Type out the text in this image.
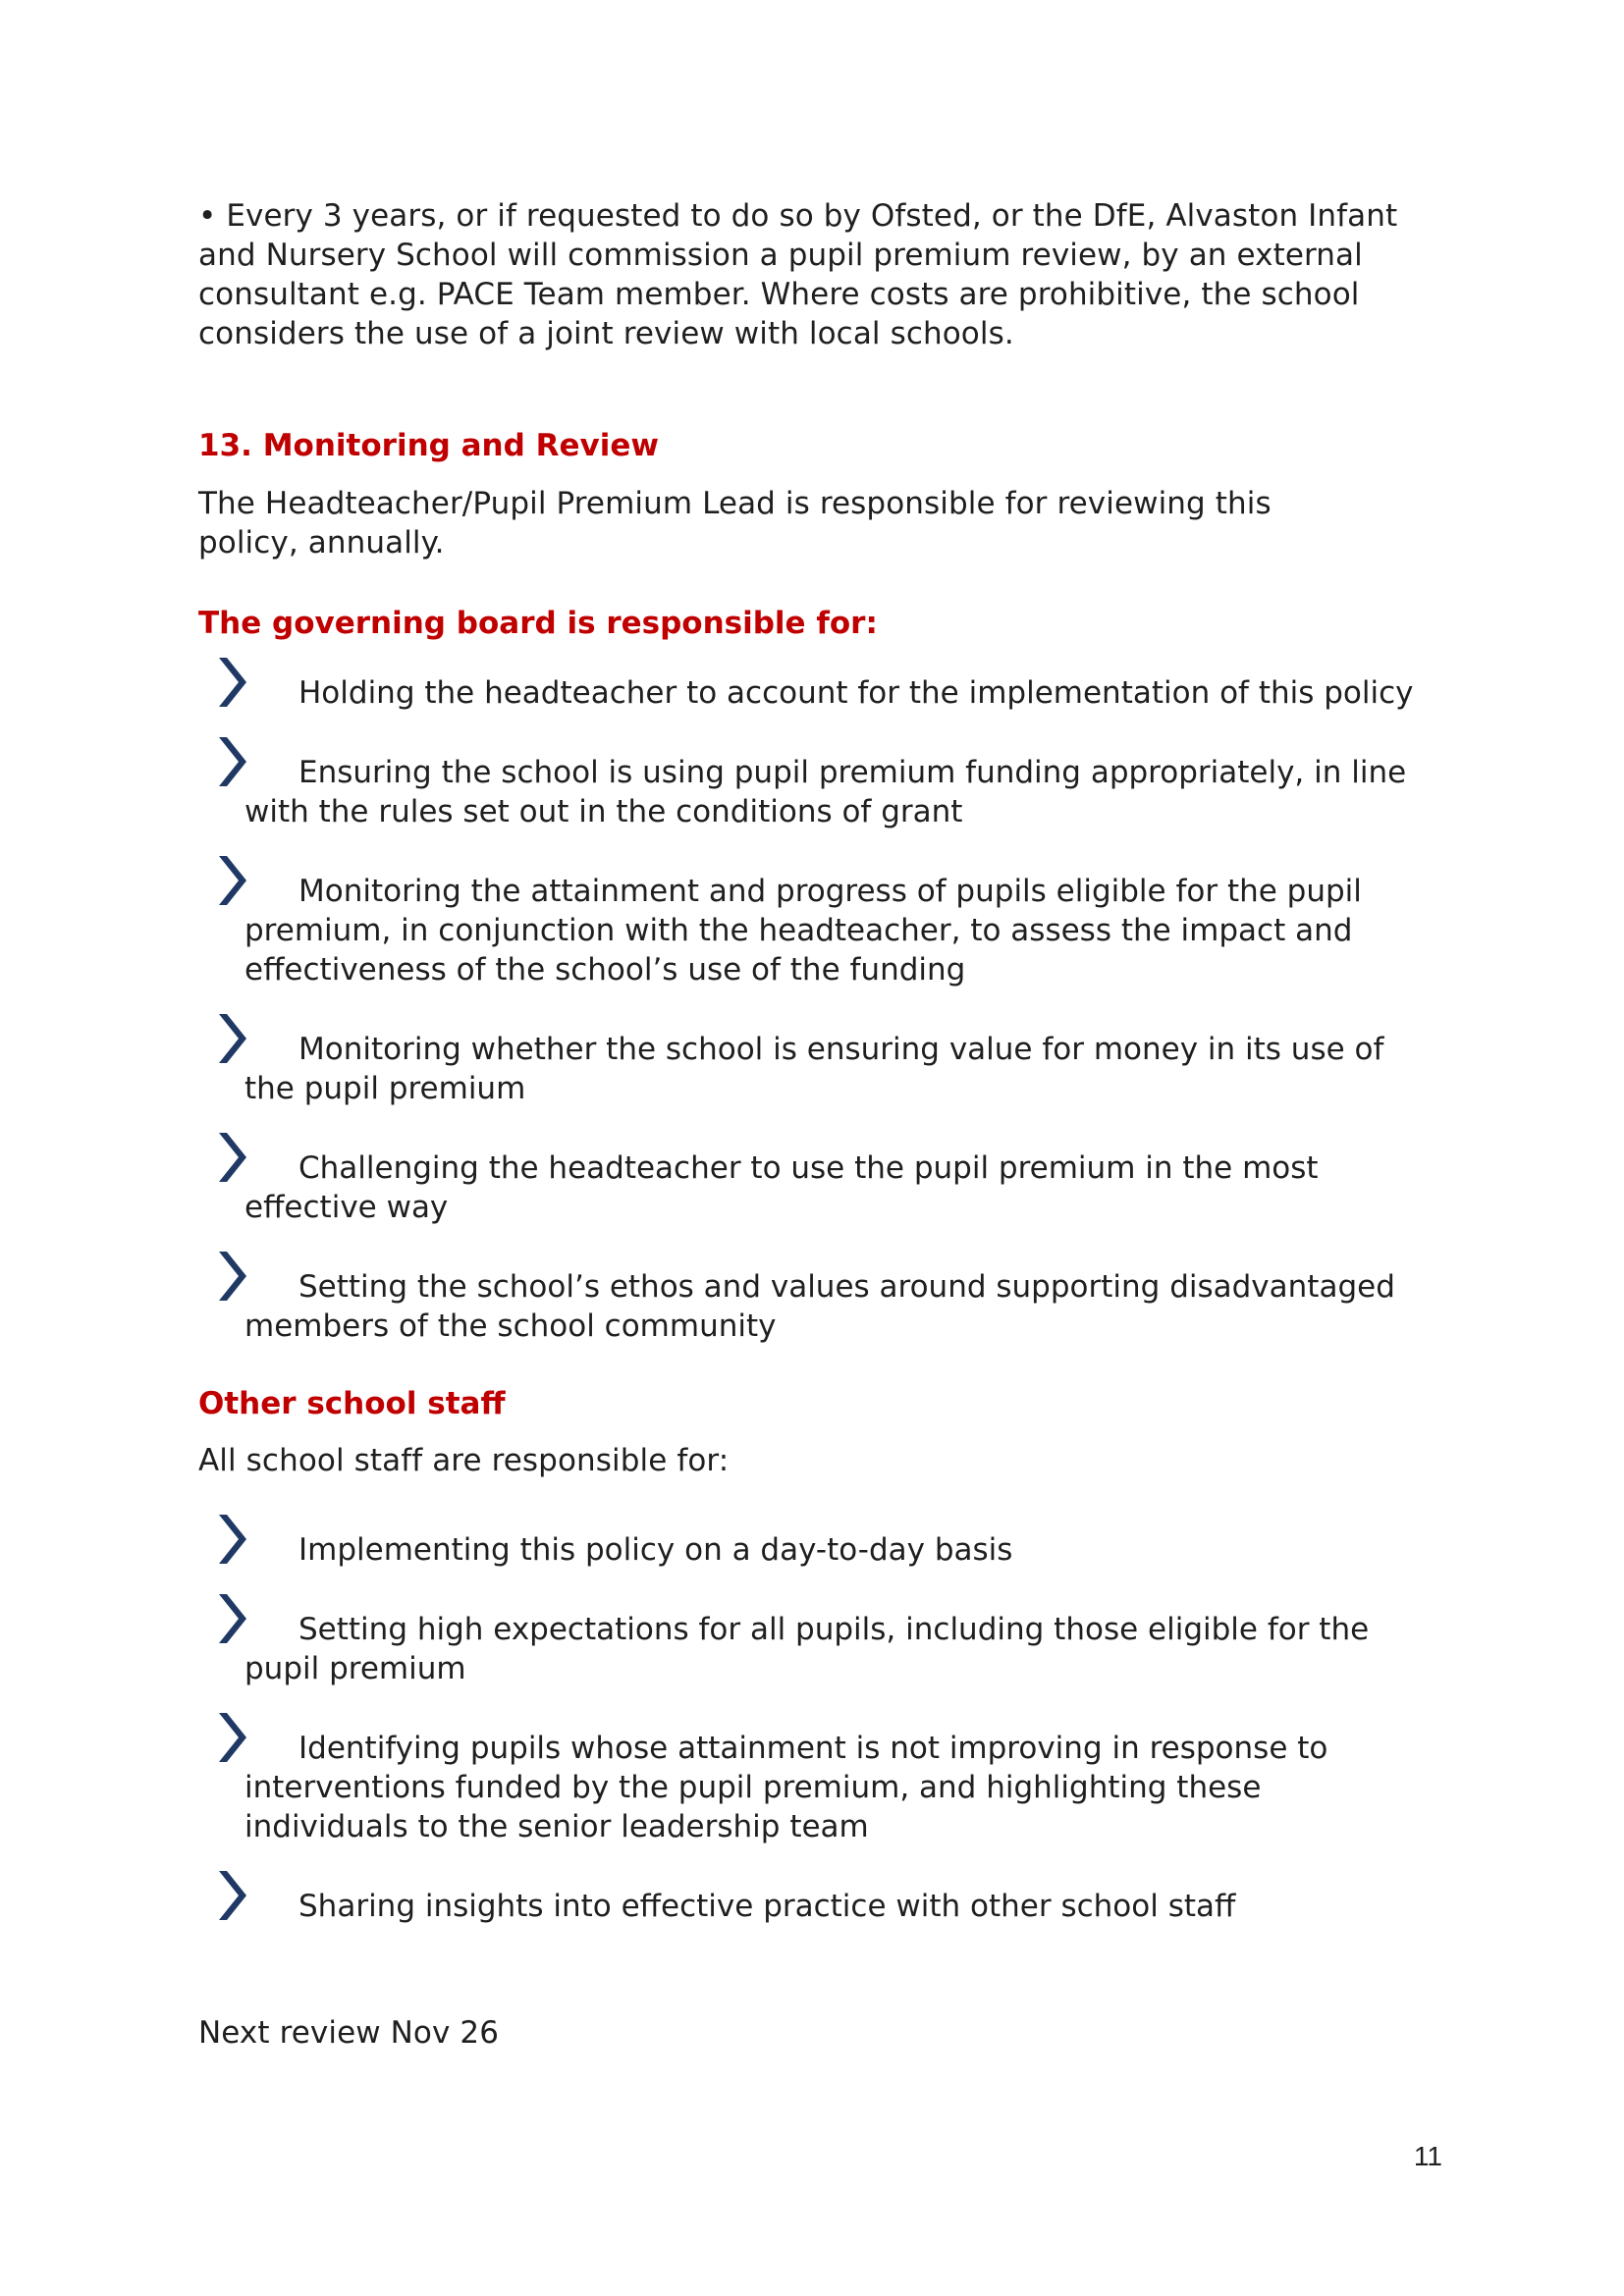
• Every 3 years, or if requested to do so by Ofsted, or the DfE, Alvaston Infant and Nursery School will commission a pupil premium review, by an external consultant e.g. PACE Team member. Where costs are prohibitive, the school considers the use of a joint review with local schools.
13. Monitoring and Review
The Headteacher/Pupil Premium Lead is responsible for reviewing this policy, annually.
The governing board is responsible for:
Holding the headteacher to account for the implementation of this policy
Ensuring the school is using pupil premium funding appropriately, in line with the rules set out in the conditions of grant
Monitoring the attainment and progress of pupils eligible for the pupil premium, in conjunction with the headteacher, to assess the impact and effectiveness of the school’s use of the funding
Monitoring whether the school is ensuring value for money in its use of the pupil premium
Challenging the headteacher to use the pupil premium in the most effective way
Setting the school’s ethos and values around supporting disadvantaged members of the school community
Other school staff
All school staff are responsible for:
Implementing this policy on a day-to-day basis
Setting high expectations for all pupils, including those eligible for the pupil premium
Identifying pupils whose attainment is not improving in response to interventions funded by the pupil premium, and highlighting these individuals to the senior leadership team
Sharing insights into effective practice with other school staff
Next review Nov 26
11
